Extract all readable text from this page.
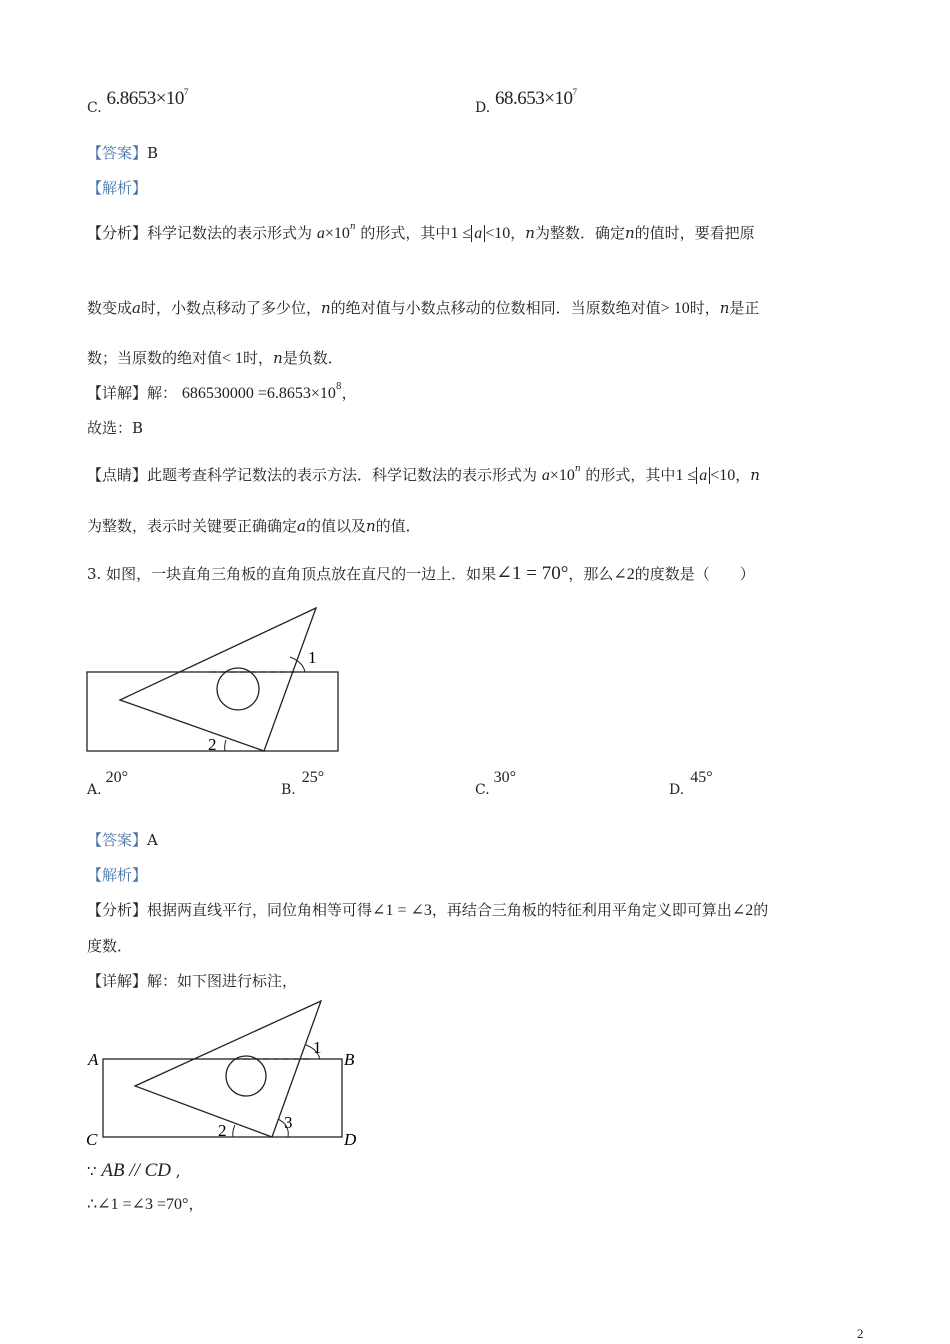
C. $6.8653\times 10^7$
D. $68.653\times 10^7$
【答案】B
【解析】
【分析】科学记数法的表示形式为 $a\times 10^n$ 的形式，其中1 ≤ a <10，n为整数．确定n的值时，要看把原
数变成a时，小数点移动了多少位，n的绝对值与小数点移动的位数相同．当原数绝对值> 10时，n是正
数；当原数的绝对值< 1时，n是负数．
【详解】解： $686530000 =6.8653\times 10^8$，
故选：B
【点睛】此题考查科学记数法的表示方法．科学记数法的表示形式为 $a\times 10^n$ 的形式，其中1 ≤ a <10，n
为整数，表示时关键要正确确定a的值以及n的值．
3. 如图，一块直角三角板的直角顶点放在直尺的一边上．如果∠1 = 70°，那么∠2的度数是（　　）
1
2
A.20°
B.25°
C.30°
D.45°
【答案】A
【解析】
【分析】根据两直线平行，同位角相等可得∠1 = ∠3，再结合三角板的特征利用平角定义即可算出∠2的
度数．
【详解】解：如下图进行标注，
A	B
C	D
1
2	3
∵ AB // CD ,
∴∠1 =∠3 =70°，
2
